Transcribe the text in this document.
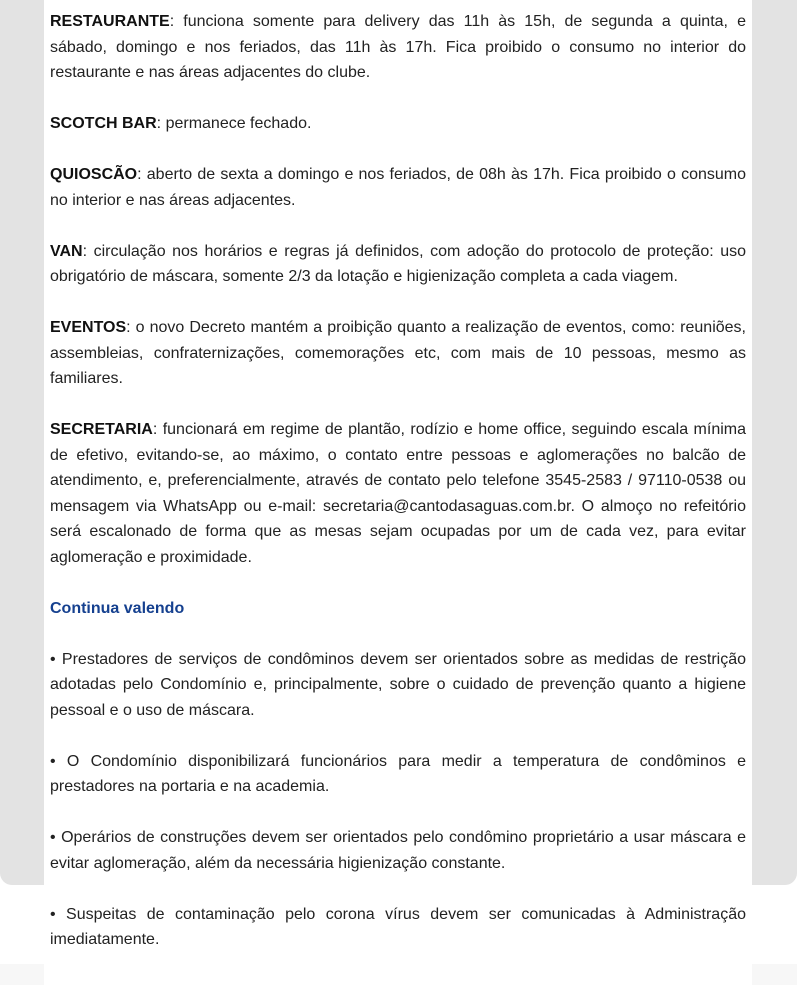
RESTAURANTE: funciona somente para delivery das 11h às 15h, de segunda a quinta, e sábado, domingo e nos feriados, das 11h às 17h. Fica proibido o consumo no interior do restaurante e nas áreas adjacentes do clube.

SCOTCH BAR: permanece fechado.

QUIOSCÃO: aberto de sexta a domingo e nos feriados, de 08h às 17h. Fica proibido o consumo no interior e nas áreas adjacentes.

VAN: circulação nos horários e regras já definidos, com adoção do protocolo de proteção: uso obrigatório de máscara, somente 2/3 da lotação e higienização completa a cada viagem.

EVENTOS: o novo Decreto mantém a proibição quanto a realização de eventos, como: reuniões, assembleias, confraternizações, comemorações etc, com mais de 10 pessoas, mesmo as familiares.

SECRETARIA: funcionará em regime de plantão, rodízio e home office, seguindo escala mínima de efetivo, evitando-se, ao máximo, o contato entre pessoas e aglomerações no balcão de atendimento, e, preferencialmente, através de contato pelo telefone 3545-2583 / 97110-0538 ou mensagem via WhatsApp ou e-mail: secretaria@cantodasaguas.com.br. O almoço no refeitório será escalonado de forma que as mesas sejam ocupadas por um de cada vez, para evitar aglomeração e proximidade.

Continua valendo

• Prestadores de serviços de condôminos devem ser orientados sobre as medidas de restrição adotadas pelo Condomínio e, principalmente, sobre o cuidado de prevenção quanto a higiene pessoal e o uso de máscara.

• O Condomínio disponibilizará funcionários para medir a temperatura de condôminos e prestadores na portaria e na academia.

• Operários de construções devem ser orientados pelo condômino proprietário a usar máscara e evitar aglomeração, além da necessária higienização constante.

• Suspeitas de contaminação pelo corona vírus devem ser comunicadas à Administração imediatamente.
